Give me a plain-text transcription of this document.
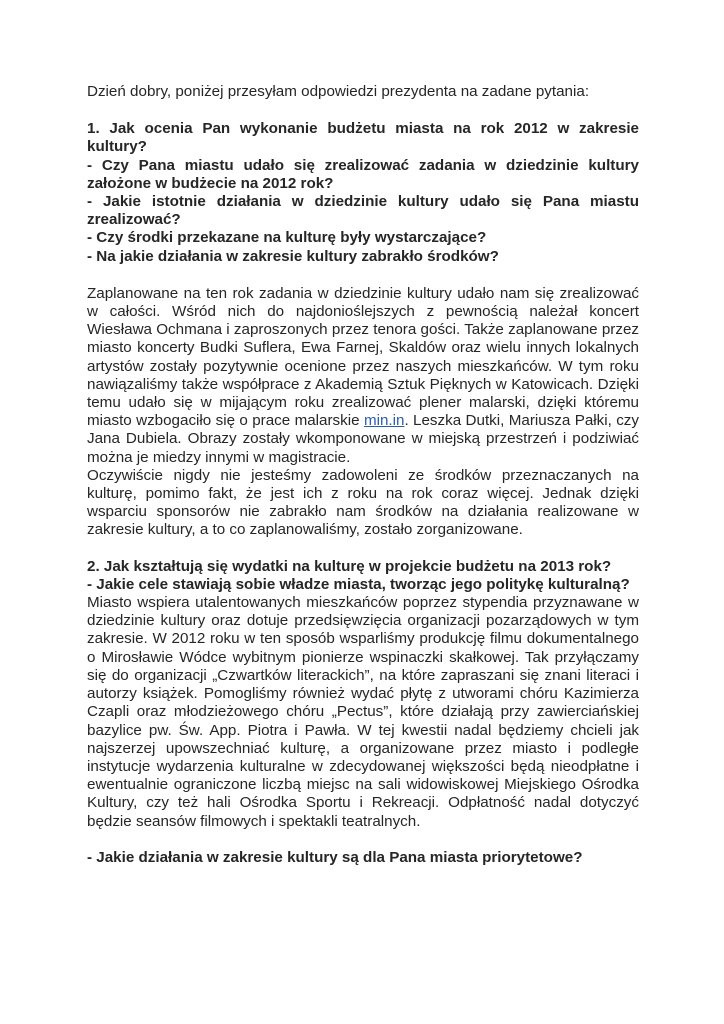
Dzień dobry, poniżej przesyłam odpowiedzi prezydenta na zadane pytania:

1. Jak ocenia Pan wykonanie budżetu miasta na rok 2012 w zakresie kultury?

- Czy Pana miastu udało się zrealizować zadania w dziedzinie kultury założone w budżecie na 2012 rok?

- Jakie istotnie działania w dziedzinie kultury udało się Pana miastu zrealizować?

- Czy środki przekazane na kulturę były wystarczające?

- Na jakie działania w zakresie kultury zabrakło środków?

Zaplanowane na ten rok zadania w dziedzinie kultury udało nam się zrealizować w całości. Wśród nich do najdonioślejszych z pewnością należał koncert Wiesława Ochmana i zaproszonych przez tenora gości. Także zaplanowane przez miasto koncerty Budki Suflera, Ewa Farnej, Skaldów oraz wielu innych lokalnych artystów zostały pozytywnie ocenione przez naszych mieszkańców. W tym roku nawiązaliśmy także współprace z Akademią Sztuk Pięknych w Katowicach. Dzięki temu udało się w mijającym roku zrealizować plener malarski, dzięki któremu miasto wzbogaciło się o prace malarskie min.in. Leszka Dutki, Mariusza Pałki, czy Jana Dubiela. Obrazy zostały wkomponowane w miejską przestrzeń i podziwiać można je miedzy innymi w magistracie.

Oczywiście nigdy nie jesteśmy zadowoleni ze środków przeznaczanych na kulturę, pomimo fakt, że jest ich z roku na rok coraz więcej. Jednak dzięki wsparciu sponsorów nie zabrakło nam środków na działania realizowane w zakresie kultury, a to co zaplanowaliśmy, zostało zorganizowane.

2. Jak kształtują się wydatki na kulturę w projekcie budżetu na 2013 rok?

- Jakie cele stawiają sobie władze miasta, tworząc jego politykę kulturalną?

Miasto wspiera utalentowanych mieszkańców poprzez stypendia przyznawane w dziedzinie kultury oraz dotuje przedsięwzięcia organizacji pozarządowych w tym zakresie. W 2012 roku w ten sposób wsparliśmy produkcję filmu dokumentalnego o Mirosławie Wódce wybitnym pionierze wspinaczki skałkowej. Tak przyłączamy się do organizacji „Czwartków literackich”, na które zapraszani się znani literaci i autorzy książek. Pomogliśmy również wydać płytę z utworami chóru Kazimierza Czapli oraz młodzieżowego chóru „Pectus”, które działają przy zawierciańskiej bazylice pw. Św. App. Piotra i Pawła. W tej kwestii nadal będziemy chcieli jak najszerzej upowszechniać kulturę, a organizowane przez miasto i podległe instytucje wydarzenia kulturalne w zdecydowanej większości będą nieodpłatne i ewentualnie ograniczone liczbą miejsc na sali widowiskowej Miejskiego Ośrodka Kultury, czy też hali Ośrodka Sportu i Rekreacji. Odpłatność nadal dotyczyć będzie seansów filmowych i spektakli teatralnych.

- Jakie działania w zakresie kultury są dla Pana miasta priorytetowe?
